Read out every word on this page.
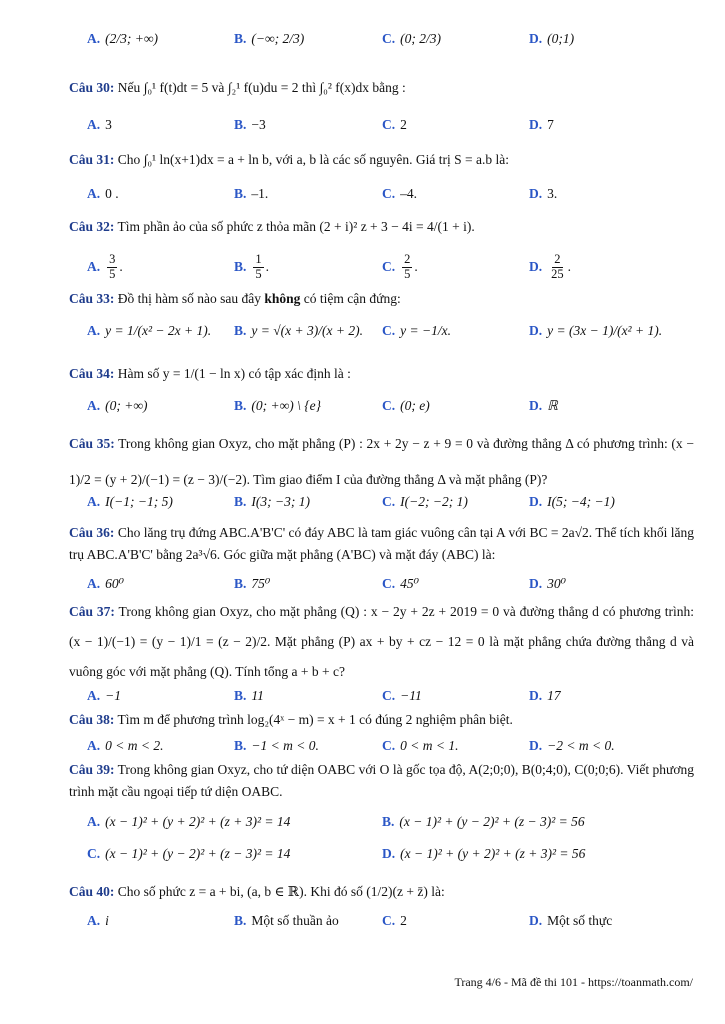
A. (2/3; +∞)	B. (−∞; 2/3)	C. (0; 2/3)	D. (0;1)
Câu 30: Nếu ∫₀¹ f(t)dt = 5 và ∫₂¹ f(u)du = 2 thì ∫₀² f(x)dx bằng :
A. 3	B. −3	C. 2	D. 7
Câu 31: Cho ∫₀¹ ln(x+1)dx = a + ln b, với a, b là các số nguyên. Giá trị S = a.b là:
A. 0 .	B. –1.	C. –4.	D. 3.
Câu 32: Tìm phần ảo của số phức z thỏa mãn (2 + i)² z + 3 − 4i = 4/(1 + i).
A. $\frac{3}{5}$ .	B. $\frac{1}{5}$ .	C. $\frac{2}{5}$ .	D. $\frac{2}{25}$ .
Câu 33: Đồ thị hàm số nào sau đây không có tiệm cận đứng:
A. y = 1/(x² − 2x + 1). B. y = √(x + 3)/(x + 2). C. y = −1/x.	D. y = (3x − 1)/(x² + 1).
Câu 34: Hàm số y = 1/(1 − ln x) có tập xác định là :
A. (0; +∞)	B. (0; +∞) \ {e}	C. (0; e)	D. ℝ
Câu 35: Trong không gian Oxyz, cho mặt phẳng (P) : 2x + 2y − z + 9 = 0 và đường thẳng Δ có phương trình: (x − 1)/2 = (y + 2)/(−1) = (z − 3)/(−2). Tìm giao điểm I của đường thẳng Δ và mặt phẳng (P)?
A. I(−1; −1; 5)	B. I(3; −3; 1)	C. I(−2; −2; 1)	D. I(5; −4; −1)
Câu 36: Cho lăng trụ đứng ABC.A'B'C' có đáy ABC là tam giác vuông cân tại A với BC = 2a√2. Thể tích khối lăng trụ ABC.A'B'C' bằng 2a³√6. Góc giữa mặt phẳng (A'BC) và mặt đáy (ABC) là:
A. 60⁰	B. 75⁰	C. 45⁰	D. 30⁰
Câu 37: Trong không gian Oxyz, cho mặt phẳng (Q) : x − 2y + 2z + 2019 = 0 và đường thẳng d có phương trình: (x − 1)/(−1) = (y − 1)/1 = (z − 2)/2. Mặt phẳng (P) ax + by + cz − 12 = 0 là mặt phẳng chứa đường thẳng d và vuông góc với mặt phẳng (Q). Tính tổng a + b + c?
A. −1	B. 11	C. −11	D. 17
Câu 38: Tìm m để phương trình log₂(4ˣ − m) = x + 1 có đúng 2 nghiệm phân biệt.
A. 0 < m < 2.	B. −1 < m < 0.	C. 0 < m < 1.	D. −2 < m < 0.
Câu 39: Trong không gian Oxyz, cho tứ diện OABC với O là gốc tọa độ, A(2;0;0), B(0;4;0), C(0;0;6). Viết phương trình mặt cầu ngoại tiếp tứ diện OABC.
A. (x − 1)² + (y + 2)² + (z + 3)² = 14	B. (x − 1)² + (y − 2)² + (z − 3)² = 56
C. (x − 1)² + (y − 2)² + (z − 3)² = 14	D. (x − 1)² + (y + 2)² + (z + 3)² = 56
Câu 40: Cho số phức z = a + bi, (a, b ∈ ℝ). Khi đó số (1/2)(z + z̄) là:
A. i	B. Một số thuần ảo	C. 2	D. Một số thực
Trang 4/6 - Mã đề thi 101 - https://toanmath.com/
